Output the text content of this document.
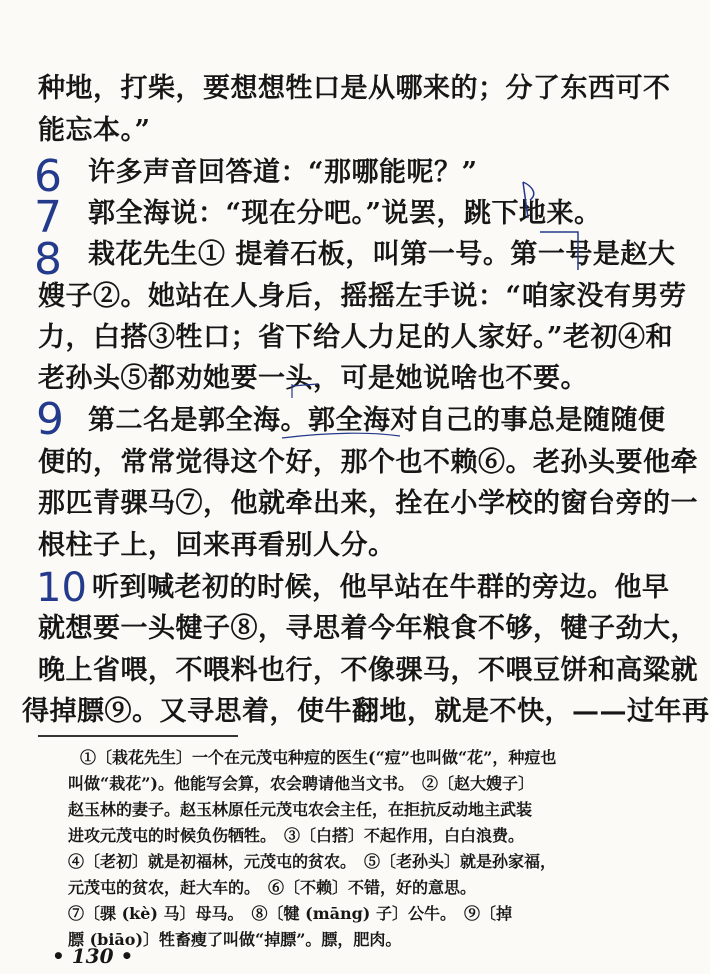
种地，打柴，要想想牲口是从哪来的；分了东西可不
能忘本。”
6 许多声音回答道：“那哪能呢？”
7 郭全海说：“现在分吧。”说罢，跳下地来。
8 栽花先生① 提着石板，叫第一号。第一号是赵大
嫂子②。她站在人身后，摇摇左手说：“咱家没有男劳
力，白搭③牲口；省下给人力足的人家好。”老初④和
老孙头⑤都劝她要一头，可是她说啥也不要。
9 第二名是郭全海。郭全海对自己的事总是随随便
便的，常常觉得这个好，那个也不赖⑥。老孙头要他牵
那匹青骒马⑦，他就牵出来，拴在小学校的窗台旁的一
根柱子上，回来再看别人分。
10 听到喊老初的时候，他早站在牛群的旁边。他早
就想要一头犍子⑧，寻思着今年粮食不够，犍子劲大，
晚上省喂，不喂料也行，不像骒马，不喂豆饼和高粱就
得掉膘⑨。又寻思着，使牛翻地，就是不快，——过年再
①〔栽花先生〕一个在元茂屯种痘的医生(“痘”也叫做“花”，种痘也
叫做“栽花”)。他能写会算，农会聘请他当文书。　②〔赵大嫂子〕
赵玉林的妻子。赵玉林原任元茂屯农会主任，在拒抗反动地主武装
进攻元茂屯的时候负伤牺牲。　③〔白搭〕不起作用，白白浪费。
④〔老初〕就是初福林，元茂屯的贫农。　⑤〔老孙头〕就是孙家福，
元茂屯的贫农，赶大车的。　⑥〔不赖〕不错，好的意思。
⑦〔骒 (kè) 马〕母马。　⑧〔犍 (māng) 子〕公牛。　⑨〔掉
膘 (biāo)〕牲畜瘦了叫做“掉膘”。膘，肥肉。
• 130 •
